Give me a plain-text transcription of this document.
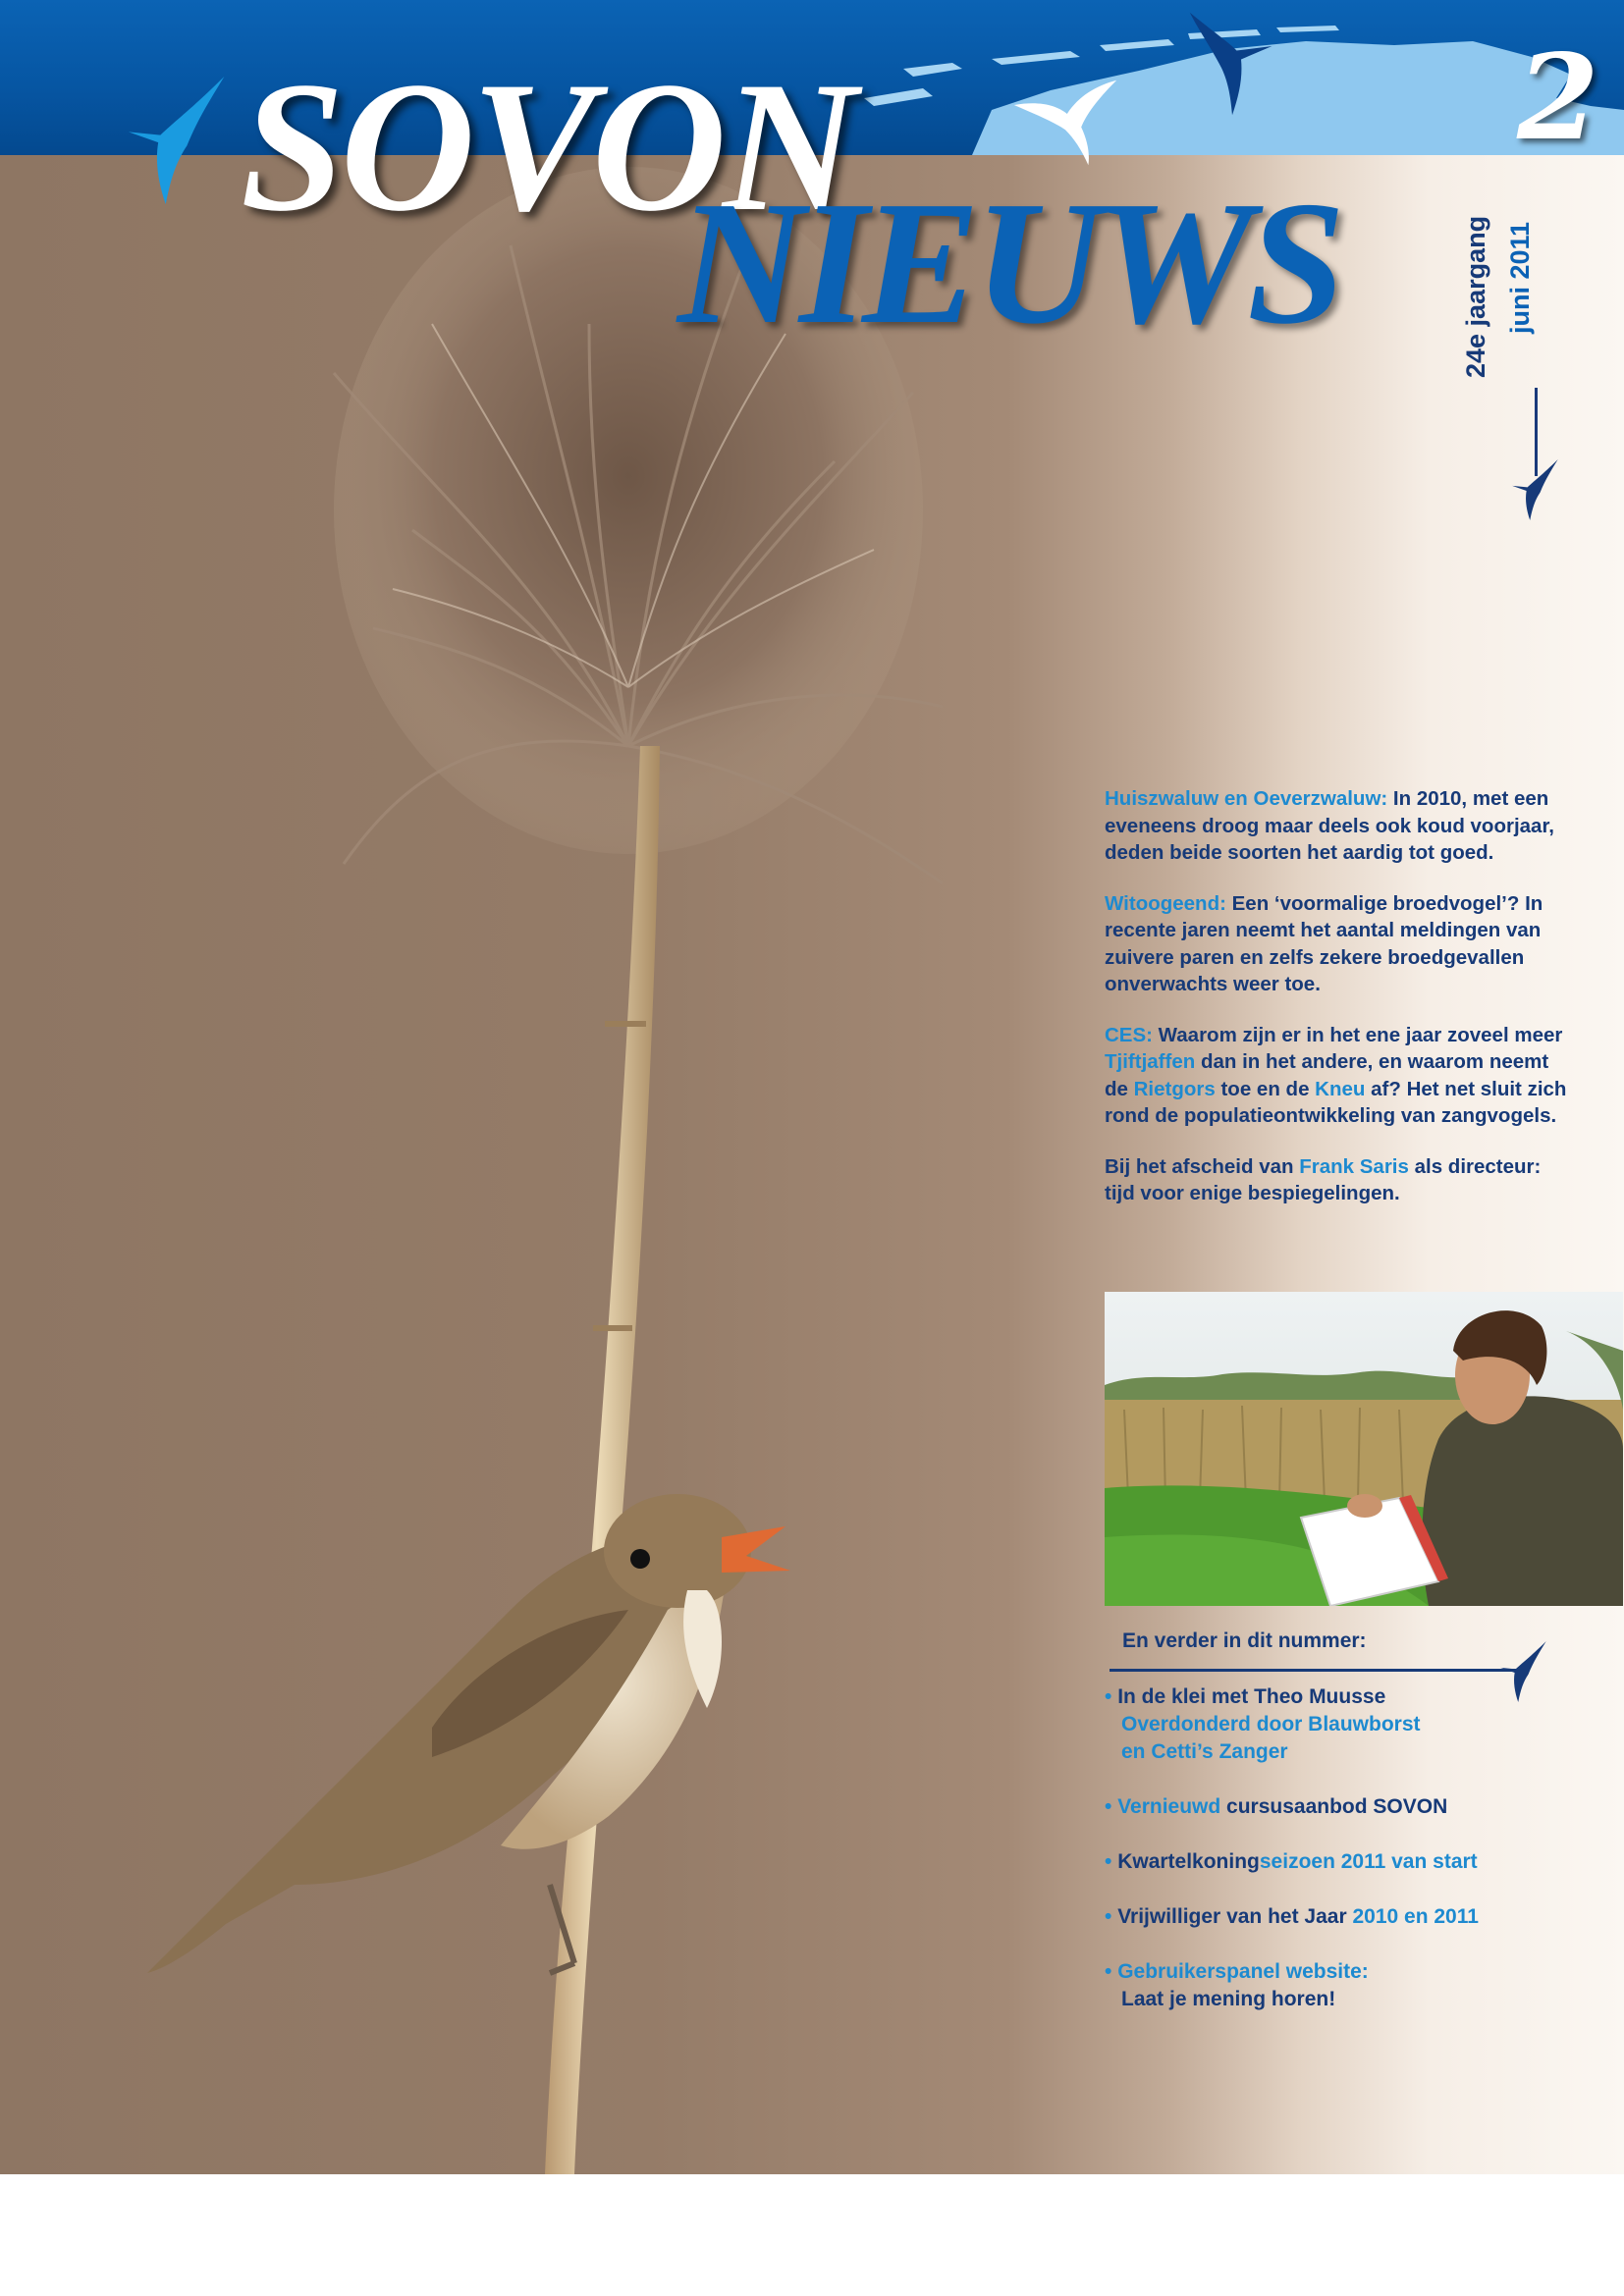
2
SOVON
NIEUWS	24e jaargang juni 2011

Huiszwaluw en Oeverzwaluw: In 2010, met een eveneens droog maar deels ook koud voorjaar, deden beide soorten het aardig tot goed.

Witoogeend: Een ‘voormalige broedvogel’? In recente jaren neemt het aantal meldingen van zuivere paren en zelfs zekere broedgevallen onverwachts weer toe.

CES: Waarom zijn er in het ene jaar zoveel meer Tjiftjaffen dan in het andere, en waarom neemt de Rietgors toe en de Kneu af? Het net sluit zich rond de populatieontwikkeling van zangvogels.

Bij het afscheid van Frank Saris als directeur: tijd voor enige bespiegelingen.

En verder in dit nummer:
• In de klei met Theo Muusse
Overdonderd door Blauwborst
en Cetti’s Zanger
• Vernieuwd cursusaanbod SOVON
• Kwartelkoningseizoen 2011 van start
• Vrijwilliger van het Jaar 2010 en 2011
• Gebruikerspanel website:
Laat je mening horen!
